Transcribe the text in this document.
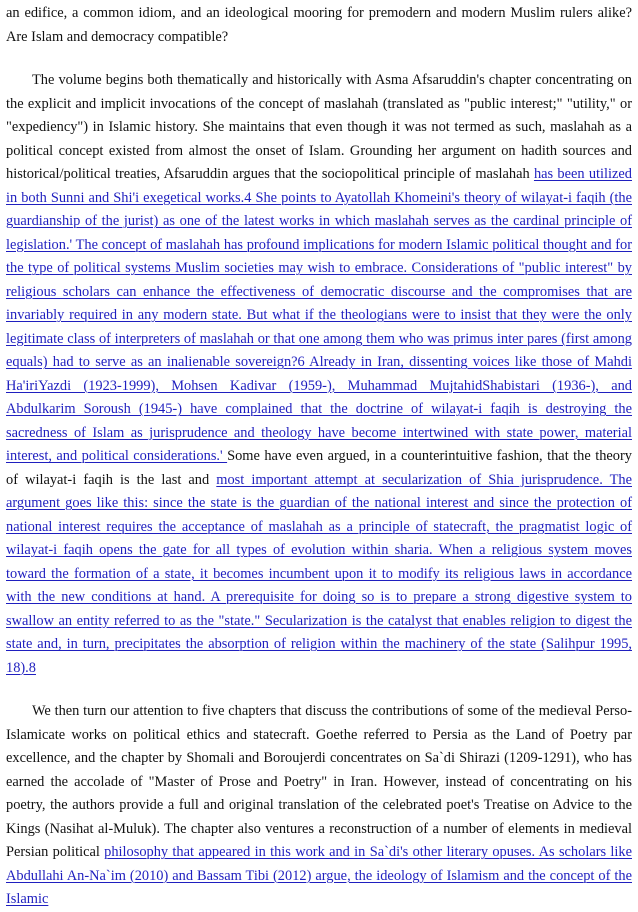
an edifice, a common idiom, and an ideological mooring for premodern and modern Muslim rulers alike? Are Islam and democracy compatible?

The volume begins both thematically and historically with Asma Afsaruddin's chapter concentrating on the explicit and implicit invocations of the concept of maslahah (translated as "public interest;" "utility," or "expediency") in Islamic history. She maintains that even though it was not termed as such, maslahah as a political concept existed from almost the onset of Islam. Grounding her argument on hadith sources and historical/political treaties, Afsaruddin argues that the sociopolitical principle of maslahah has been utilized in both Sunni and Shi'i exegetical works.4 She points to Ayatollah Khomeini's theory of wilayat-i faqih (the guardianship of the jurist) as one of the latest works in which maslahah serves as the cardinal principle of legislation.' The concept of maslahah has profound implications for modern Islamic political thought and for the type of political systems Muslim societies may wish to embrace. Considerations of "public interest" by religious scholars can enhance the effectiveness of democratic discourse and the compromises that are invariably required in any modern state. But what if the theologians were to insist that they were the only legitimate class of interpreters of maslahah or that one among them who was primus inter pares (first among equals) had to serve as an inalienable sovereign?6 Already in Iran, dissenting voices like those of Mahdi Ha'iriYazdi (1923-1999), Mohsen Kadivar (1959-), Muhammad MujtahidShabistari (1936-), and Abdulkarim Soroush (1945-) have complained that the doctrine of wilayat-i faqih is destroying the sacredness of Islam as jurisprudence and theology have become intertwined with state power, material interest, and political considerations.' Some have even argued, in a counterintuitive fashion, that the theory of wilayat-i faqih is the last and most important attempt at secularization of Shia jurisprudence. The argument goes like this: since the state is the guardian of the national interest and since the protection of national interest requires the acceptance of maslahah as a principle of statecraft, the pragmatist logic of wilayat-i faqih opens the gate for all types of evolution within sharia. When a religious system moves toward the formation of a state, it becomes incumbent upon it to modify its religious laws in accordance with the new conditions at hand. A prerequisite for doing so is to prepare a strong digestive system to swallow an entity referred to as the "state." Secularization is the catalyst that enables religion to digest the state and, in turn, precipitates the absorption of religion within the machinery of the state (Salihpur 1995, 18).8

We then turn our attention to five chapters that discuss the contributions of some of the medieval Perso-Islamicate works on political ethics and statecraft. Goethe referred to Persia as the Land of Poetry par excellence, and the chapter by Shomali and Boroujerdi concentrates on Sa`di Shirazi (1209-1291), who has earned the accolade of "Master of Prose and Poetry" in Iran. However, instead of concentrating on his poetry, the authors provide a full and original translation of the celebrated poet's Treatise on Advice to the Kings (Nasihat al-Muluk). The chapter also ventures a reconstruction of a number of elements in medieval Persian political philosophy that appeared in this work and in Sa`di's other literary opuses. As scholars like Abdullahi An-Na`im (2010) and Bassam Tibi (2012) argue, the ideology of Islamism and the concept of the Islamic
